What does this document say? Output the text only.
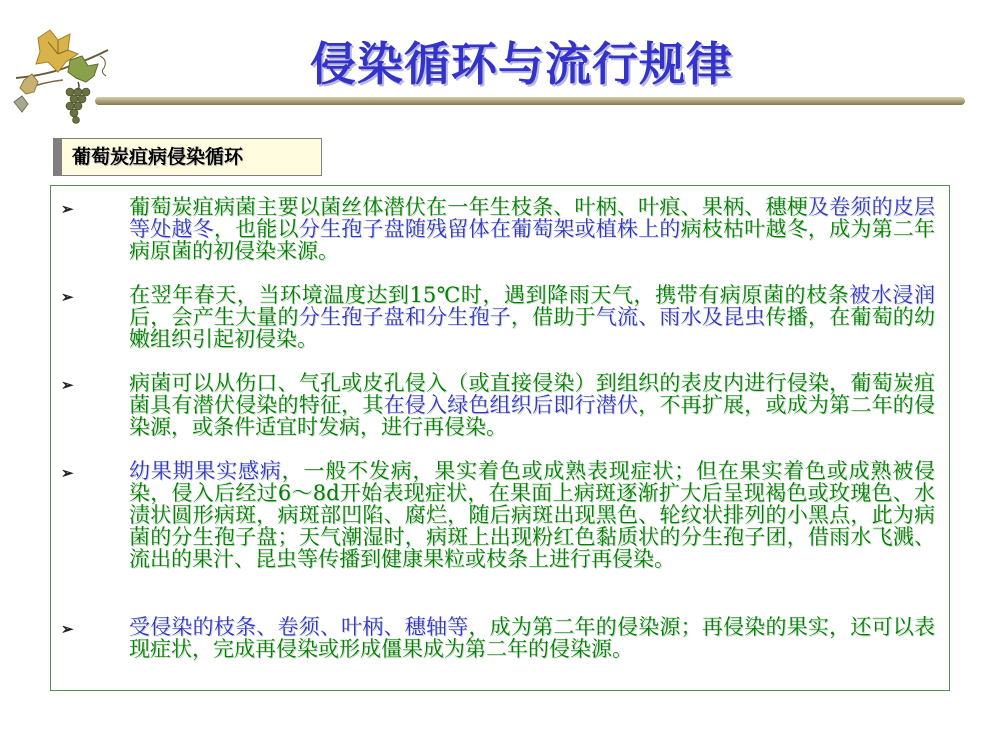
侵染循环与流行规律
葡萄炭疽病侵染循环
➢	葡萄炭疽病菌主要以菌丝体潜伏在一年生枝条、叶柄、叶痕、果柄、穗梗及卷须的皮层等处越冬，也能以分生孢子盘随残留体在葡萄架或植株上的病枝枯叶越冬，成为第二年病原菌的初侵染来源。
➢	在翌年春天，当环境温度达到15℃时，遇到降雨天气，携带有病原菌的枝条被水浸润后，会产生大量的分生孢子盘和分生孢子，借助于气流、雨水及昆虫传播，在葡萄的幼嫩组织引起初侵染。
➢	病菌可以从伤口、气孔或皮孔侵入（或直接侵染）到组织的表皮内进行侵染，葡萄炭疽菌具有潜伏侵染的特征，其在侵入绿色组织后即行潜伏，不再扩展，或成为第二年的侵染源，或条件适宜时发病，进行再侵染。
➢	幼果期果实感病，一般不发病，果实着色或成熟表现症状；但在果实着色或成熟被侵染，侵入后经过6～8d开始表现症状，在果面上病斑逐渐扩大后呈现褐色或玫瑰色、水渍状圆形病斑，病斑部凹陷、腐烂，随后病斑出现黑色、轮纹状排列的小黑点，此为病菌的分生孢子盘；天气潮湿时，病斑上出现粉红色黏质状的分生孢子团，借雨水飞溅、流出的果汁、昆虫等传播到健康果粒或枝条上进行再侵染。
➢	受侵染的枝条、卷须、叶柄、穗轴等，成为第二年的侵染源；再侵染的果实，还可以表现症状，完成再侵染或形成僵果成为第二年的侵染源。
